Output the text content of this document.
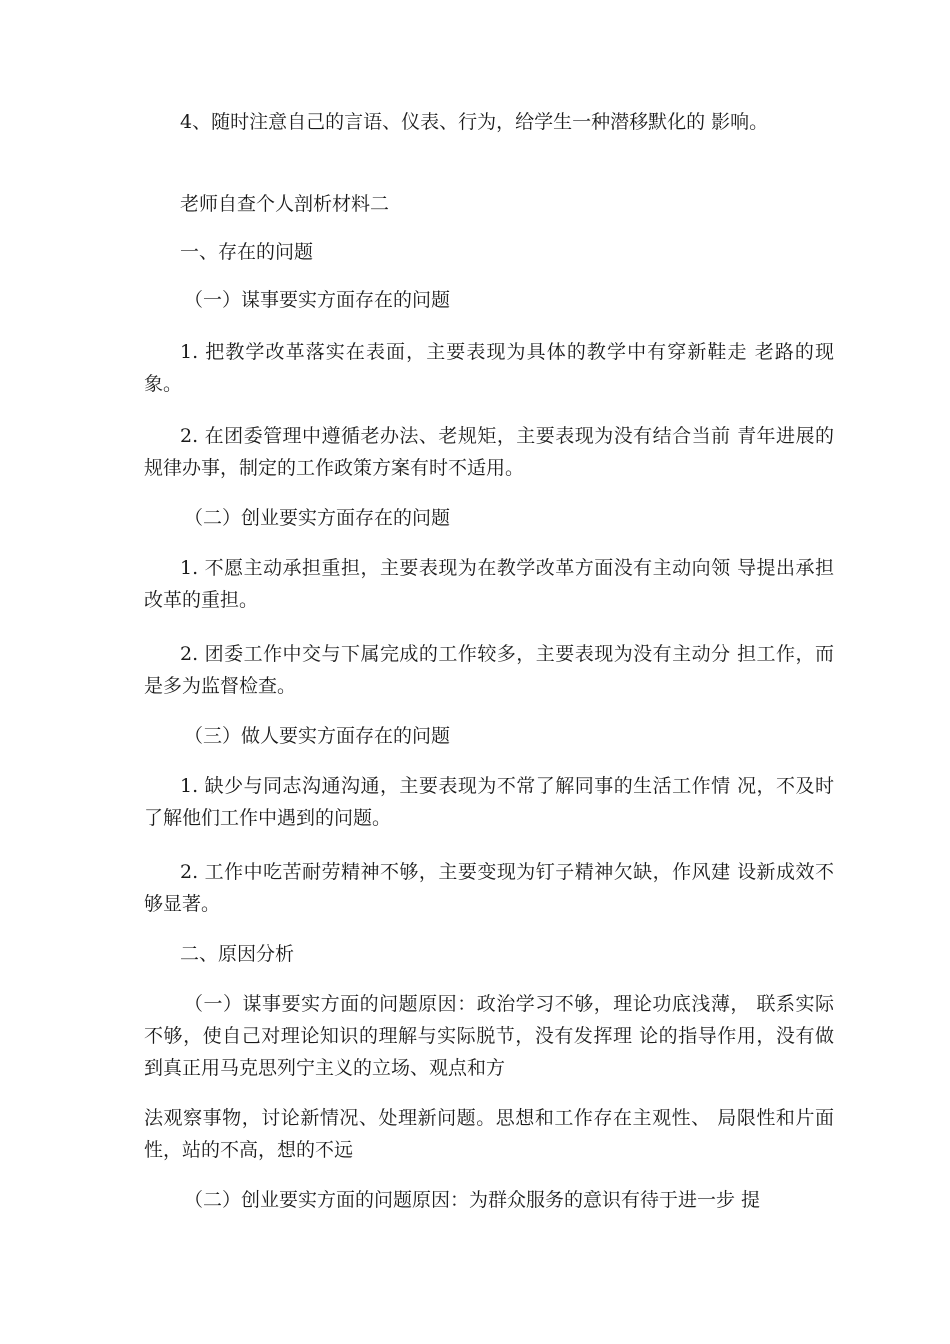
4、随时注意自己的言语、仪表、行为，给学生一种潜移默化的 影响。

老师自查个人剖析材料二

一、存在的问题

（一）谋事要实方面存在的问题

1. 把教学改革落实在表面，主要表现为具体的教学中有穿新鞋走 老路的现象。

2. 在团委管理中遵循老办法、老规矩，主要表现为没有结合当前 青年进展的规律办事，制定的工作政策方案有时不适用。

（二）创业要实方面存在的问题

1. 不愿主动承担重担，主要表现为在教学改革方面没有主动向领 导提出承担改革的重担。

2. 团委工作中交与下属完成的工作较多，主要表现为没有主动分 担工作，而是多为监督检查。

（三）做人要实方面存在的问题

1. 缺少与同志沟通沟通，主要表现为不常了解同事的生活工作情 况，不及时了解他们工作中遇到的问题。

2. 工作中吃苦耐劳精神不够，主要变现为钉子精神欠缺，作风建 设新成效不够显著。

二、原因分析

（一）谋事要实方面的问题原因：政治学习不够，理论功底浅薄， 联系实际不够，使自己对理论知识的理解与实际脱节，没有发挥理 论的指导作用，没有做到真正用马克思列宁主义的立场、观点和方

法观察事物，讨论新情况、处理新问题。思想和工作存在主观性、 局限性和片面性，站的不高，想的不远

（二）创业要实方面的问题原因：为群众服务的意识有待于进一步 提
